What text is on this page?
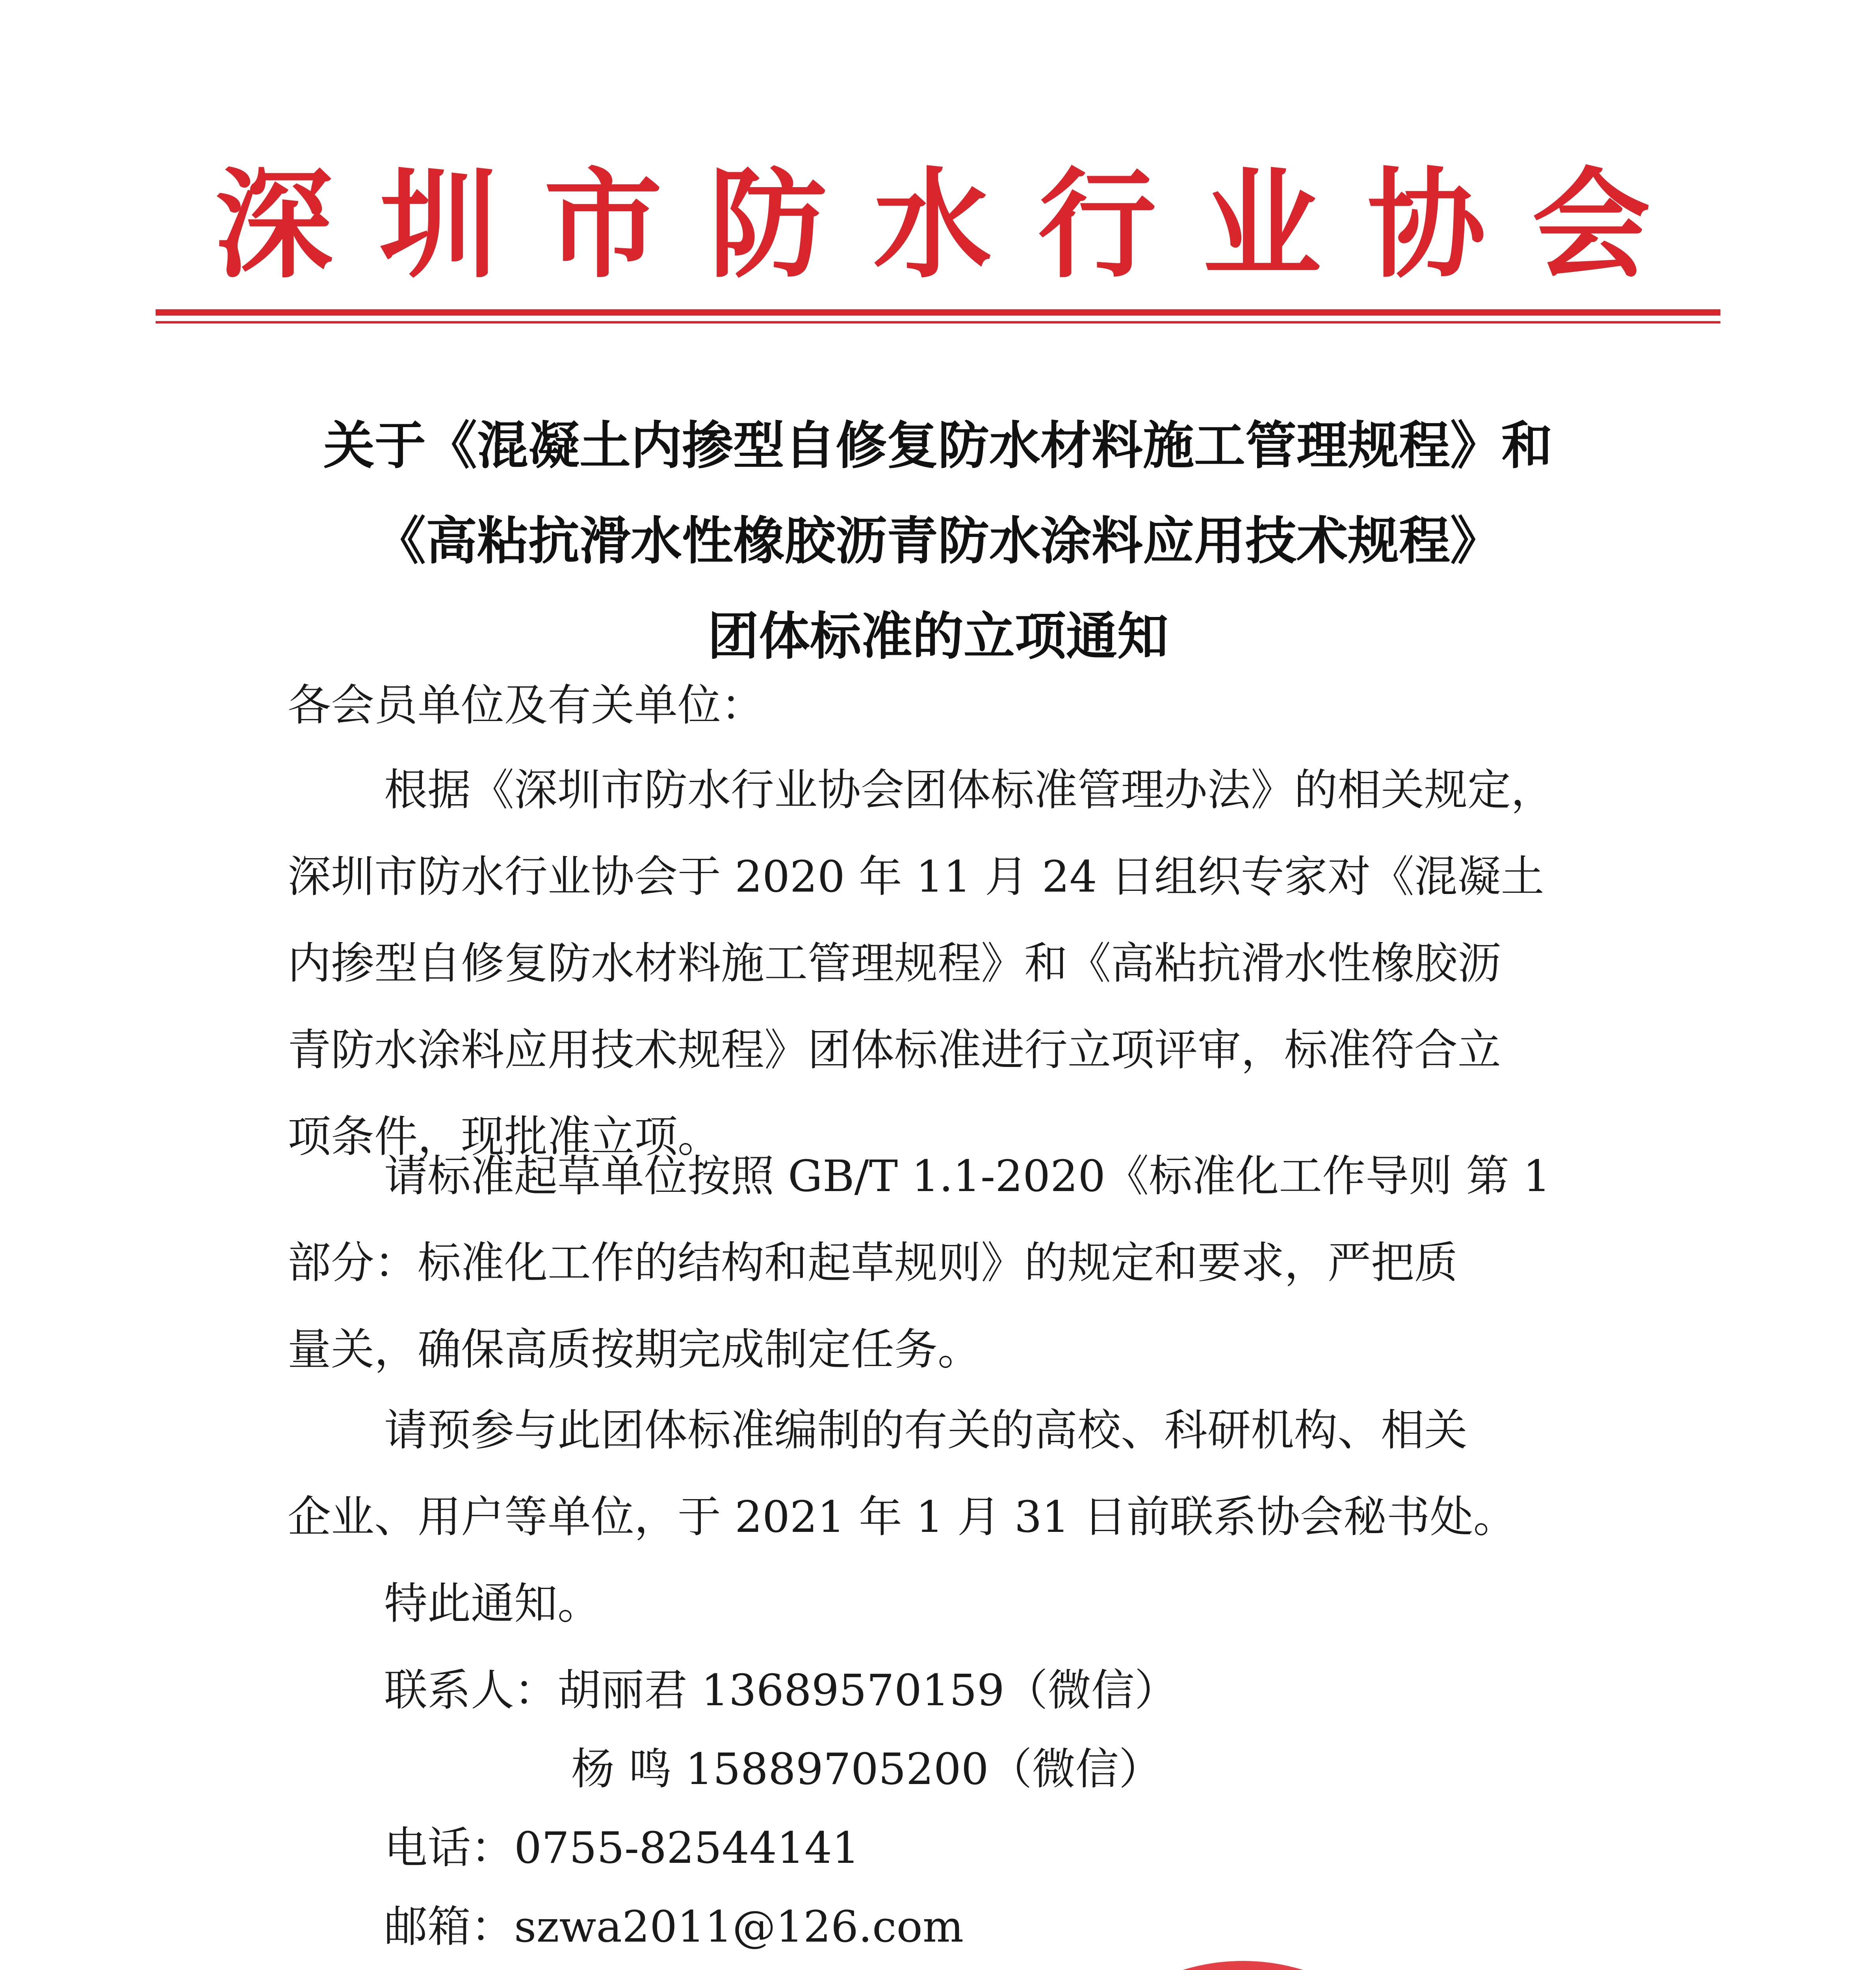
深圳市防水行业协会
关于《混凝土内掺型自修复防水材料施工管理规程》和
《高粘抗滑水性橡胶沥青防水涂料应用技术规程》
团体标准的立项通知
各会员单位及有关单位：
根据《深圳市防水行业协会团体标准管理办法》的相关规定，
深圳市防水行业协会于 2020 年 11 月 24 日组织专家对《混凝土
内掺型自修复防水材料施工管理规程》和《高粘抗滑水性橡胶沥
青防水涂料应用技术规程》团体标准进行立项评审，标准符合立
项条件，现批准立项。
请标准起草单位按照 GB/T 1.1-2020《标准化工作导则 第 1
部分：标准化工作的结构和起草规则》的规定和要求，严把质
量关，确保高质按期完成制定任务。
请预参与此团体标准编制的有关的高校、科研机构、相关
企业、用户等单位，于 2021 年 1 月 31 日前联系协会秘书处。
特此通知。
联系人：胡丽君 13689570159（微信）
杨 鸣 15889705200（微信）
电话：0755-82544141
邮箱：szwa2011@126.com
